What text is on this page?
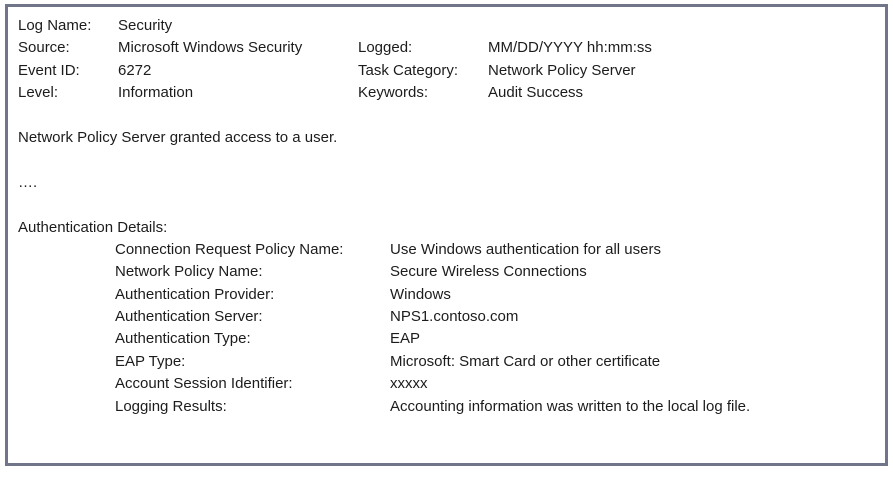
Log Name:	Security
Source:	Microsoft Windows Security	Logged:	MM/DD/YYYY hh:mm:ss
Event ID:	6272	Task Category:	Network Policy Server
Level:	Information	Keywords:	Audit Success
Network Policy Server granted access to a user.
….
Authentication Details:
Connection Request Policy Name:	Use Windows authentication for all users
Network Policy Name:	Secure Wireless Connections
Authentication Provider:	Windows
Authentication Server:	NPS1.contoso.com
Authentication Type:	EAP
EAP Type:	Microsoft: Smart Card or other certificate
Account Session Identifier:	xxxxx
Logging Results:	Accounting information was written to the local log file.
